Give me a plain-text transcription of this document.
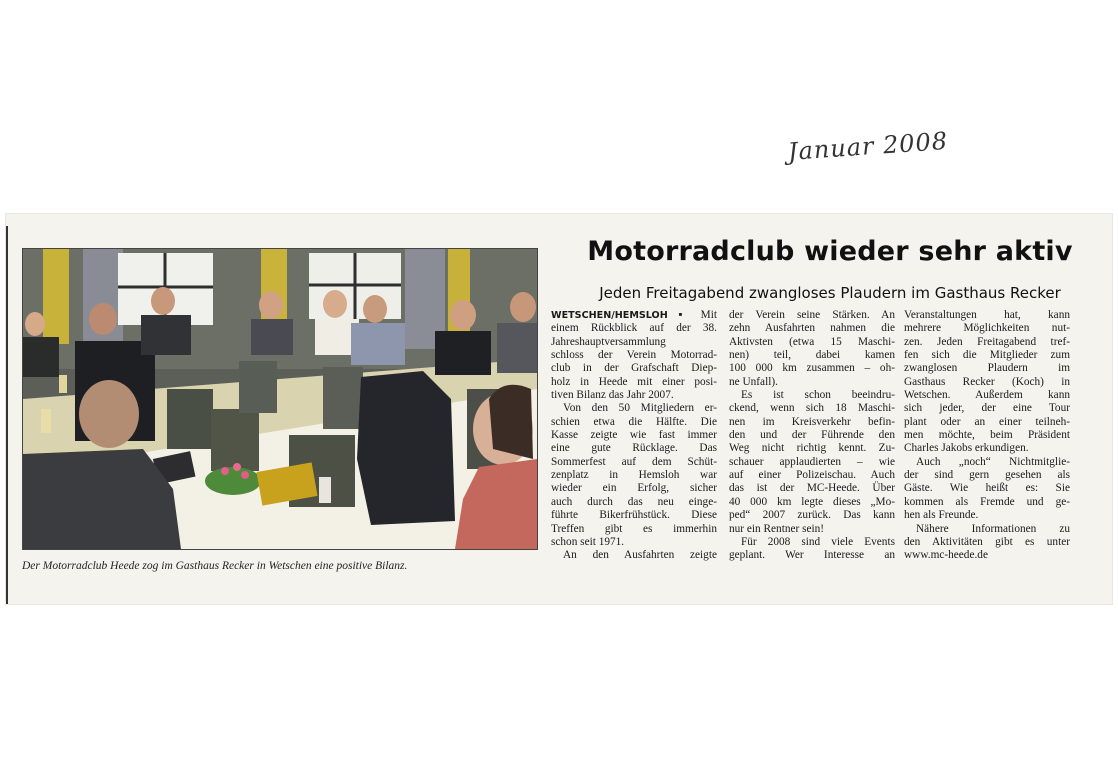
Januar 2008
Der Motorradclub Heede zog im Gasthaus Recker in Wetschen eine positive Bilanz.
Motorradclub wieder sehr aktiv
Jeden Freitagabend zwangloses Plaudern im Gasthaus Recker
WETSCHEN/HEMSLOH ▪ Mit
einem Rückblick auf der 38.
Jahreshauptversammlung
schloss der Verein Motorrad-
club in der Grafschaft Diep-
holz in Heede mit einer posi-
tiven Bilanz das Jahr 2007.
Von den 50 Mitgliedern er-
schien etwa die Hälfte. Die
Kasse zeigte wie fast immer
eine gute Rücklage. Das
Sommerfest auf dem Schüt-
zenplatz in Hemsloh war
wieder ein Erfolg, sicher
auch durch das neu einge-
führte Bikerfrühstück. Diese
Treffen gibt es immerhin
schon seit 1971.
An den Ausfahrten zeigte
der Verein seine Stärken. An
zehn Ausfahrten nahmen die
Aktivsten (etwa 15 Maschi-
nen) teil, dabei kamen
100 000 km zusammen – oh-
ne Unfall).
Es ist schon beeindru-
ckend, wenn sich 18 Maschi-
nen im Kreisverkehr befin-
den und der Führende den
Weg nicht richtig kennt. Zu-
schauer applaudierten – wie
auf einer Polizeischau. Auch
das ist der MC-Heede. Über
40 000 km legte dieses „Mo-
ped“ 2007 zurück. Das kann
nur ein Rentner sein!
Für 2008 sind viele Events
geplant. Wer Interesse an
Veranstaltungen hat, kann
mehrere Möglichkeiten nut-
zen. Jeden Freitagabend tref-
fen sich die Mitglieder zum
zwanglosen Plaudern im
Gasthaus Recker (Koch) in
Wetschen. Außerdem kann
sich jeder, der eine Tour
plant oder an einer teilneh-
men möchte, beim Präsident
Charles Jakobs erkundigen.
Auch „noch“ Nichtmitglie-
der sind gern gesehen als
Gäste. Wie heißt es: Sie
kommen als Fremde und ge-
hen als Freunde.
Nähere Informationen zu
den Aktivitäten gibt es unter
www.mc-heede.de
